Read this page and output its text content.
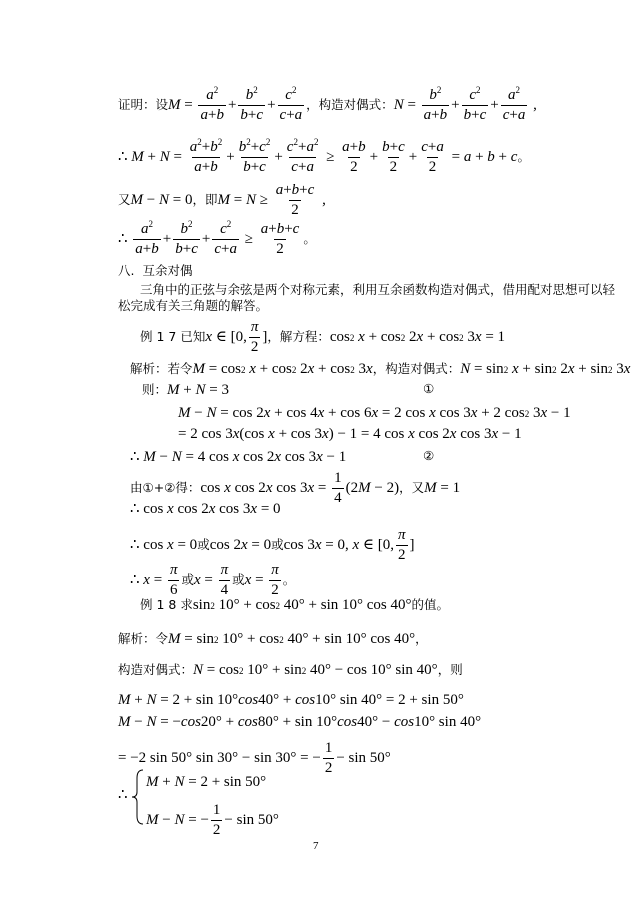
证明：设 $M = \frac{a^2}{a+b} + \frac{b^2}{b+c} + \frac{c^2}{c+a}$ ，构造对偶式： $N = \frac{b^2}{a+b} + \frac{c^2}{b+c} + \frac{a^2}{c+a}$ ,
∴ $M + N = \frac{a^2+b^2}{a+b} + \frac{b^2+c^2}{b+c} + \frac{c^2+a^2}{c+a} \ge \frac{a+b}{2} + \frac{b+c}{2} + \frac{c+a}{2} = a + b + c$ 。
又 M − N = 0 ，即 $M = N \ge \frac{a+b+c}{2}$ ,
∴ $\frac{a^2}{a+b} + \frac{b^2}{b+c} + \frac{c^2}{c+a} \ge \frac{a+b+c}{2}$ 。
八. 互余对偶
三角中的正弦与余弦是两个对称元素，利用互余函数构造对偶式，借用配对思想可以轻
松完成有关三角题的解答。
例 1 7 已知 x ∈ [0, $\frac{\pi}{2}$ ] ，解方程： cos 2
x + cos 2 2 x + cos 2 3 x = 1
解析：若令 M = cos 2
x + cos 2 2 x + cos 2 3 x ，构造对偶式： N = sin 2
x + sin 2 2 x + sin 2 3 x
则： M + N = 3	①
M − N = cos 2 x + cos 4 x + cos 6 x = 2 cos x cos 3 x + 2 cos 2 3 x − 1
= 2 cos 3 x (cos x + cos 3 x ) − 1 = 4 cos x cos 2 x cos 3 x − 1
∴ M − N = 4 cos x cos 2 x cos 3 x − 1	②
由①+②得： cos x cos 2 x cos 3 $x = \frac{1}{4} (2$ M − 2) ，又 M = 1
∴ cos x cos 2 x cos 3 x = 0
∴ cos x = 0 或 cos 2 x = 0 或 cos 3 x = 0, x ∈ [0, $\frac{\pi}{2}$ ]
∴ $x = \frac{\pi}{6}$ 或 $x = \frac{\pi}{4}$ 或 $x = \frac{\pi}{2}$ 。
例 1 8 求 sin 2 10° + cos 2 40° + sin 10° cos 40° 的值。
解析：令 M = sin 2 10° + cos 2 40° + sin 10° cos 40° ，
构造对偶式： N = cos 2 10° + sin 2 40° − cos 10° sin 40° ，则
M + N = 2 + sin 10° cos 40° + cos 10° sin 40° = 2 + sin 50°
M − N = − cos 20° + cos 80° + sin 10° cos 40° − cos 10° sin 40°
= −2 sin 50° sin 30° − sin 30° = − $\frac{1}{2} - \sin 50^\circ$
∴
M + N = 2 + sin 50°
M − N = − $\frac{1}{2} - \sin 50^\circ$
7
